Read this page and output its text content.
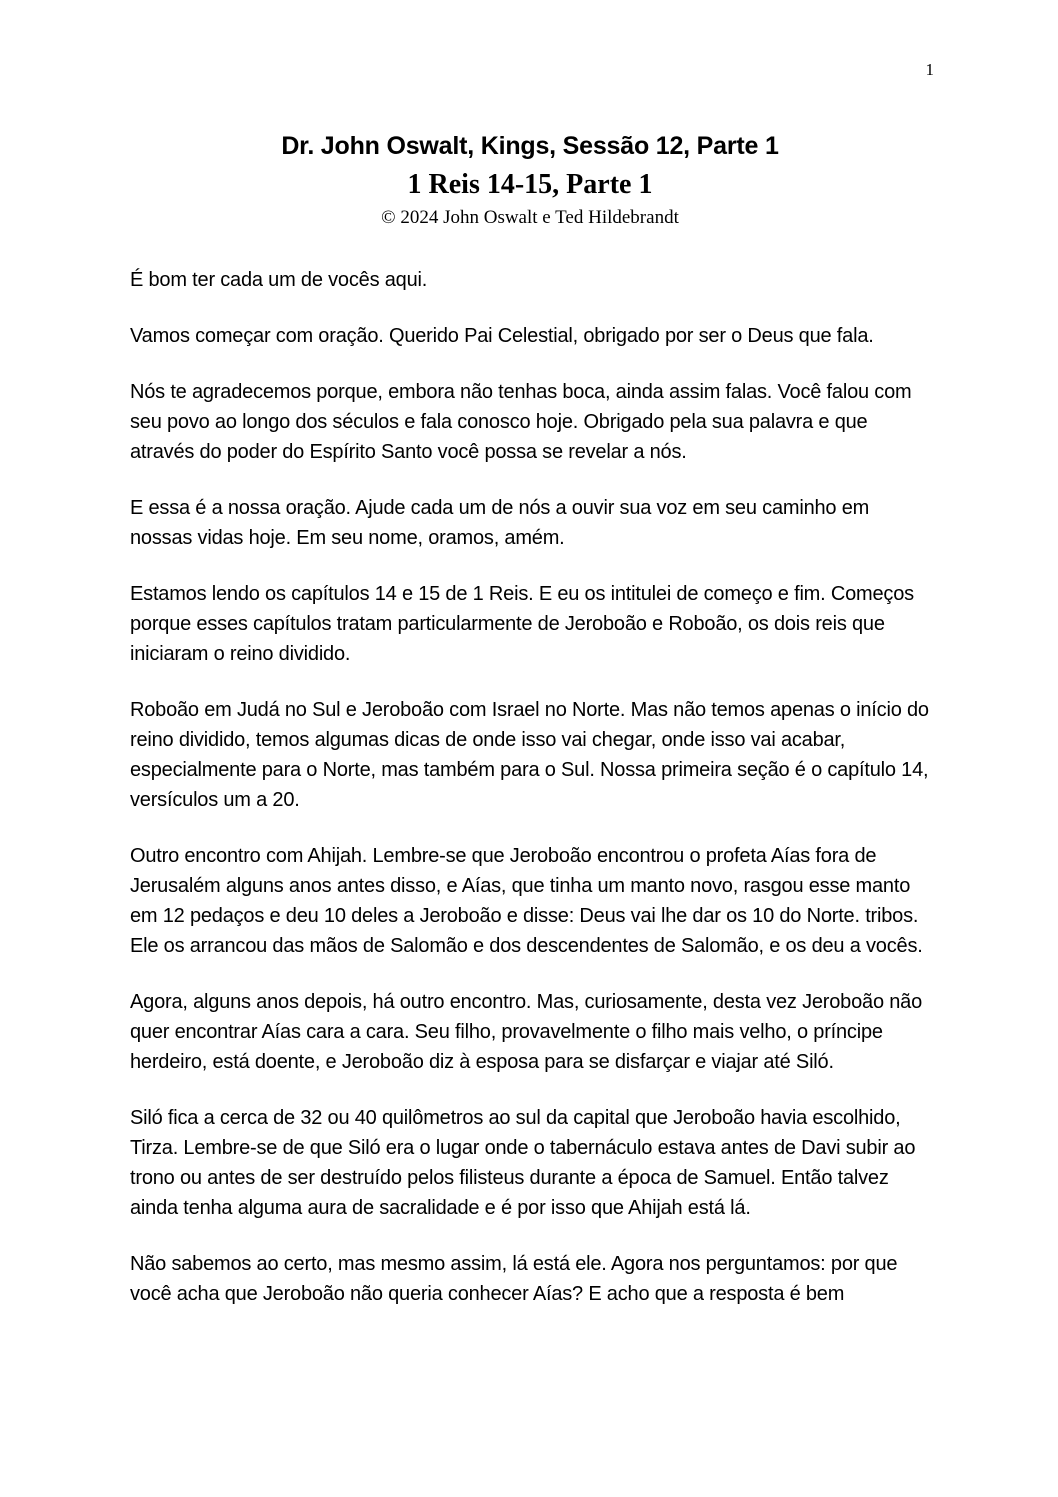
1
Dr. John Oswalt, Kings, Sessão 12, Parte 1
1 Reis 14-15, Parte 1
© 2024 John Oswalt e Ted Hildebrandt

É bom ter cada um de vocês aqui.

Vamos começar com oração. Querido Pai Celestial, obrigado por ser o Deus que fala.

Nós te agradecemos porque, embora não tenhas boca, ainda assim falas. Você falou com seu povo ao longo dos séculos e fala conosco hoje. Obrigado pela sua palavra e que através do poder do Espírito Santo você possa se revelar a nós.

E essa é a nossa oração. Ajude cada um de nós a ouvir sua voz em seu caminho em nossas vidas hoje. Em seu nome, oramos, amém.

Estamos lendo os capítulos 14 e 15 de 1 Reis. E eu os intitulei de começo e fim. Começos porque esses capítulos tratam particularmente de Jeroboão e Roboão, os dois reis que iniciaram o reino dividido.

Roboão em Judá no Sul e Jeroboão com Israel no Norte. Mas não temos apenas o início do reino dividido, temos algumas dicas de onde isso vai chegar, onde isso vai acabar, especialmente para o Norte, mas também para o Sul. Nossa primeira seção é o capítulo 14, versículos um a 20.

Outro encontro com Ahijah. Lembre-se que Jeroboão encontrou o profeta Aías fora de Jerusalém alguns anos antes disso, e Aías, que tinha um manto novo, rasgou esse manto em 12 pedaços e deu 10 deles a Jeroboão e disse: Deus vai lhe dar os 10 do Norte. tribos. Ele os arrancou das mãos de Salomão e dos descendentes de Salomão, e os deu a vocês.

Agora, alguns anos depois, há outro encontro. Mas, curiosamente, desta vez Jeroboão não quer encontrar Aías cara a cara. Seu filho, provavelmente o filho mais velho, o príncipe herdeiro, está doente, e Jeroboão diz à esposa para se disfarçar e viajar até Siló.

Siló fica a cerca de 32 ou 40 quilômetros ao sul da capital que Jeroboão havia escolhido, Tirza. Lembre-se de que Siló era o lugar onde o tabernáculo estava antes de Davi subir ao trono ou antes de ser destruído pelos filisteus durante a época de Samuel. Então talvez ainda tenha alguma aura de sacralidade e é por isso que Ahijah está lá.

Não sabemos ao certo, mas mesmo assim, lá está ele. Agora nos perguntamos: por que você acha que Jeroboão não queria conhecer Aías? E acho que a resposta é bem
